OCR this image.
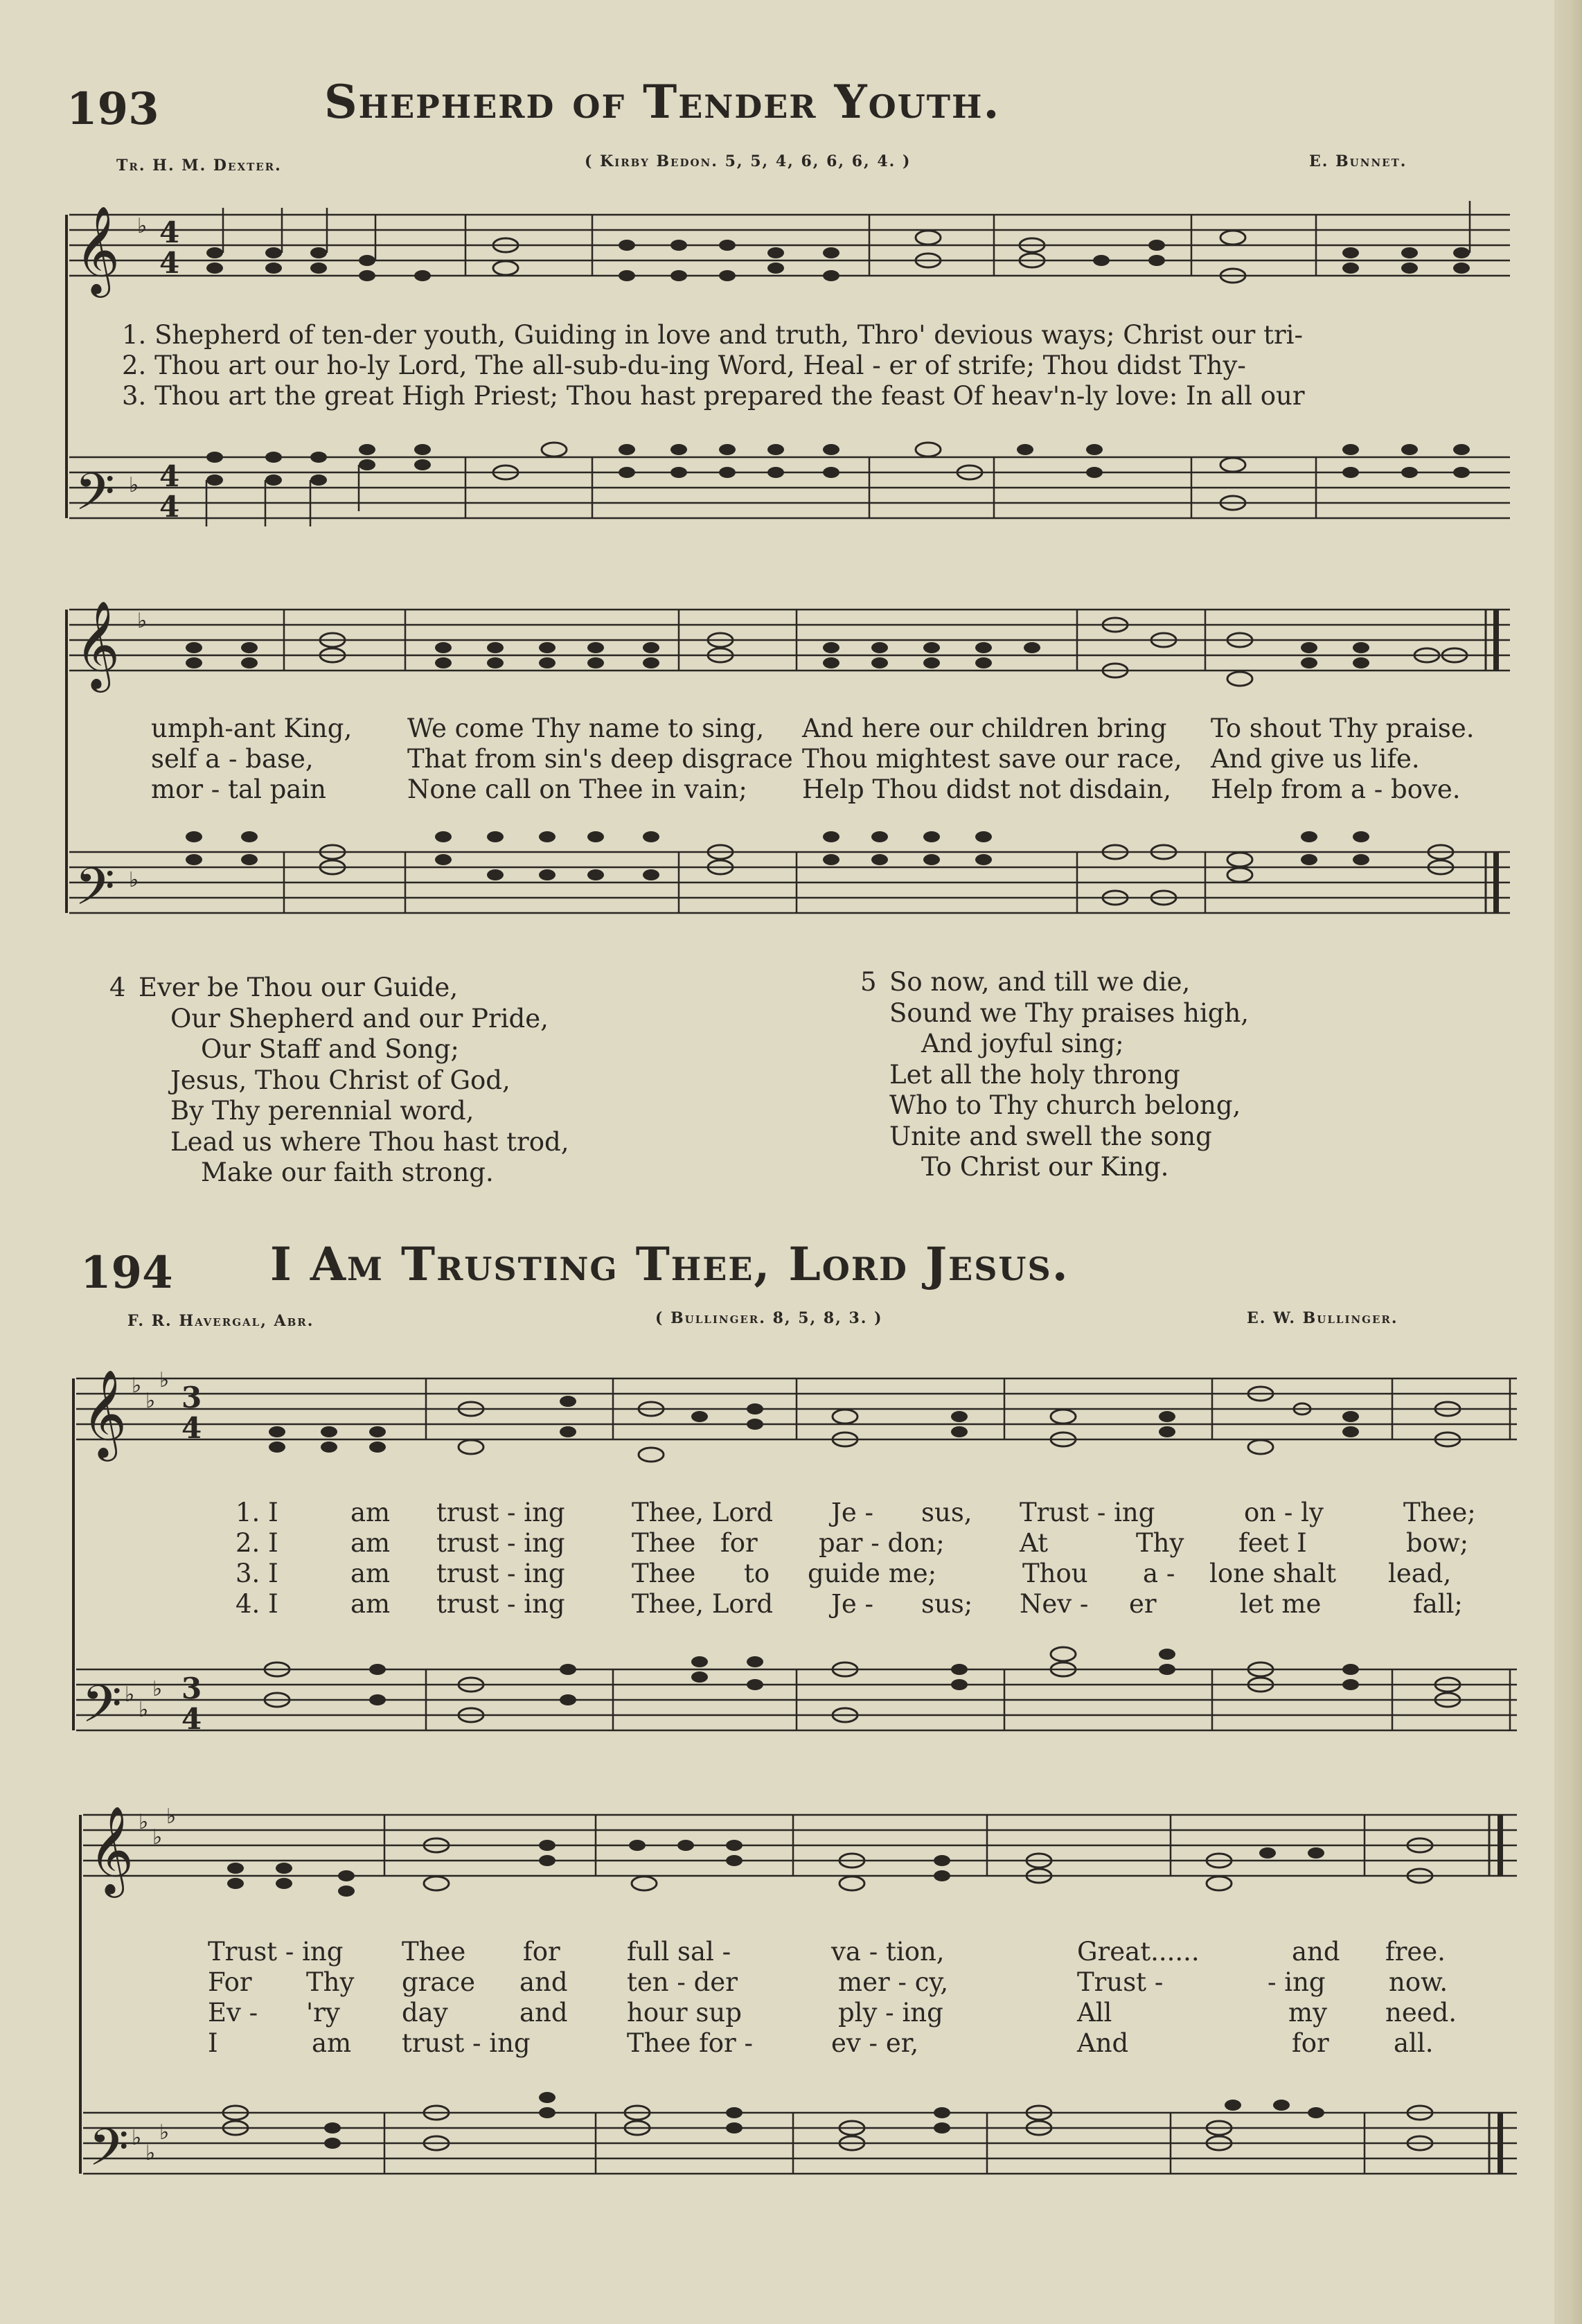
193	Shepherd of Tender Youth.
Tr. H. M. Dexter.	( Kirby Bedon. 5, 5, 4, 6, 6, 6, 4. )	E. Bunnet.
𝄞
𝄢
♭
♭
4
4
4
4
1. Shepherd of ten-der youth, Guiding in love and truth, Thro' devious ways; Christ our tri-
2. Thou art our ho-ly Lord, The all-sub-du-ing Word, Heal - er of strife; Thou didst Thy-
3. Thou art the great High Priest; Thou hast prepared the feast Of heav'n-ly love: In all our
𝄞
𝄢
♭
♭
umph-ant King, We come Thy name to sing, And here our children bring To shout Thy praise.
self a - base,	That from sin's deep disgrace Thou mightest save our race, And give us life.
mor - tal pain	None call on Thee in vain; Help Thou didst not disdain, Help from a - bove.
4 Ever be Thou our Guide,
Our Shepherd and our Pride,
Our Staff and Song;
Jesus, Thou Christ of God,
By Thy perennial word,
Lead us where Thou hast trod,
Make our faith strong.
5 So now, and till we die,
Sound we Thy praises high,
And joyful sing;
Let all the holy throng
Who to Thy church belong,
Unite and swell the song
To Christ our King.
194 I Am Trusting Thee, Lord Jesus.
F. R. Havergal, Abr.	( Bullinger. 8, 5, 8, 3. )	E. W. Bullinger.
𝄞
𝄢
♭
♭
♭
♭
♭
♭
3
4
3
4
1. I	am trust - ing	Thee, Lord Je - sus, Trust - ing	on - ly	Thee;
2. I	am trust - ing	Thee for par - don;	At	Thy feet I	bow;
3. I	am trust - ing	Thee to guide me;	Thou a - lone shalt lead,
4. I	am trust - ing	Thee, Lord Je - sus; Nev - er	let me	fall;
𝄞
𝄢
♭
♭
♭
♭
♭
♭
Trust - ing Thee for	full sal -	va - tion,	Great......	and free.
For Thy grace and ten - der	mer - cy,	Trust -	- ing now.
Ev - 'ry day	and hour sup	ply - ing	All	my need.
I	am trust - ing	Thee for -	ev - er,	And	for	all.
